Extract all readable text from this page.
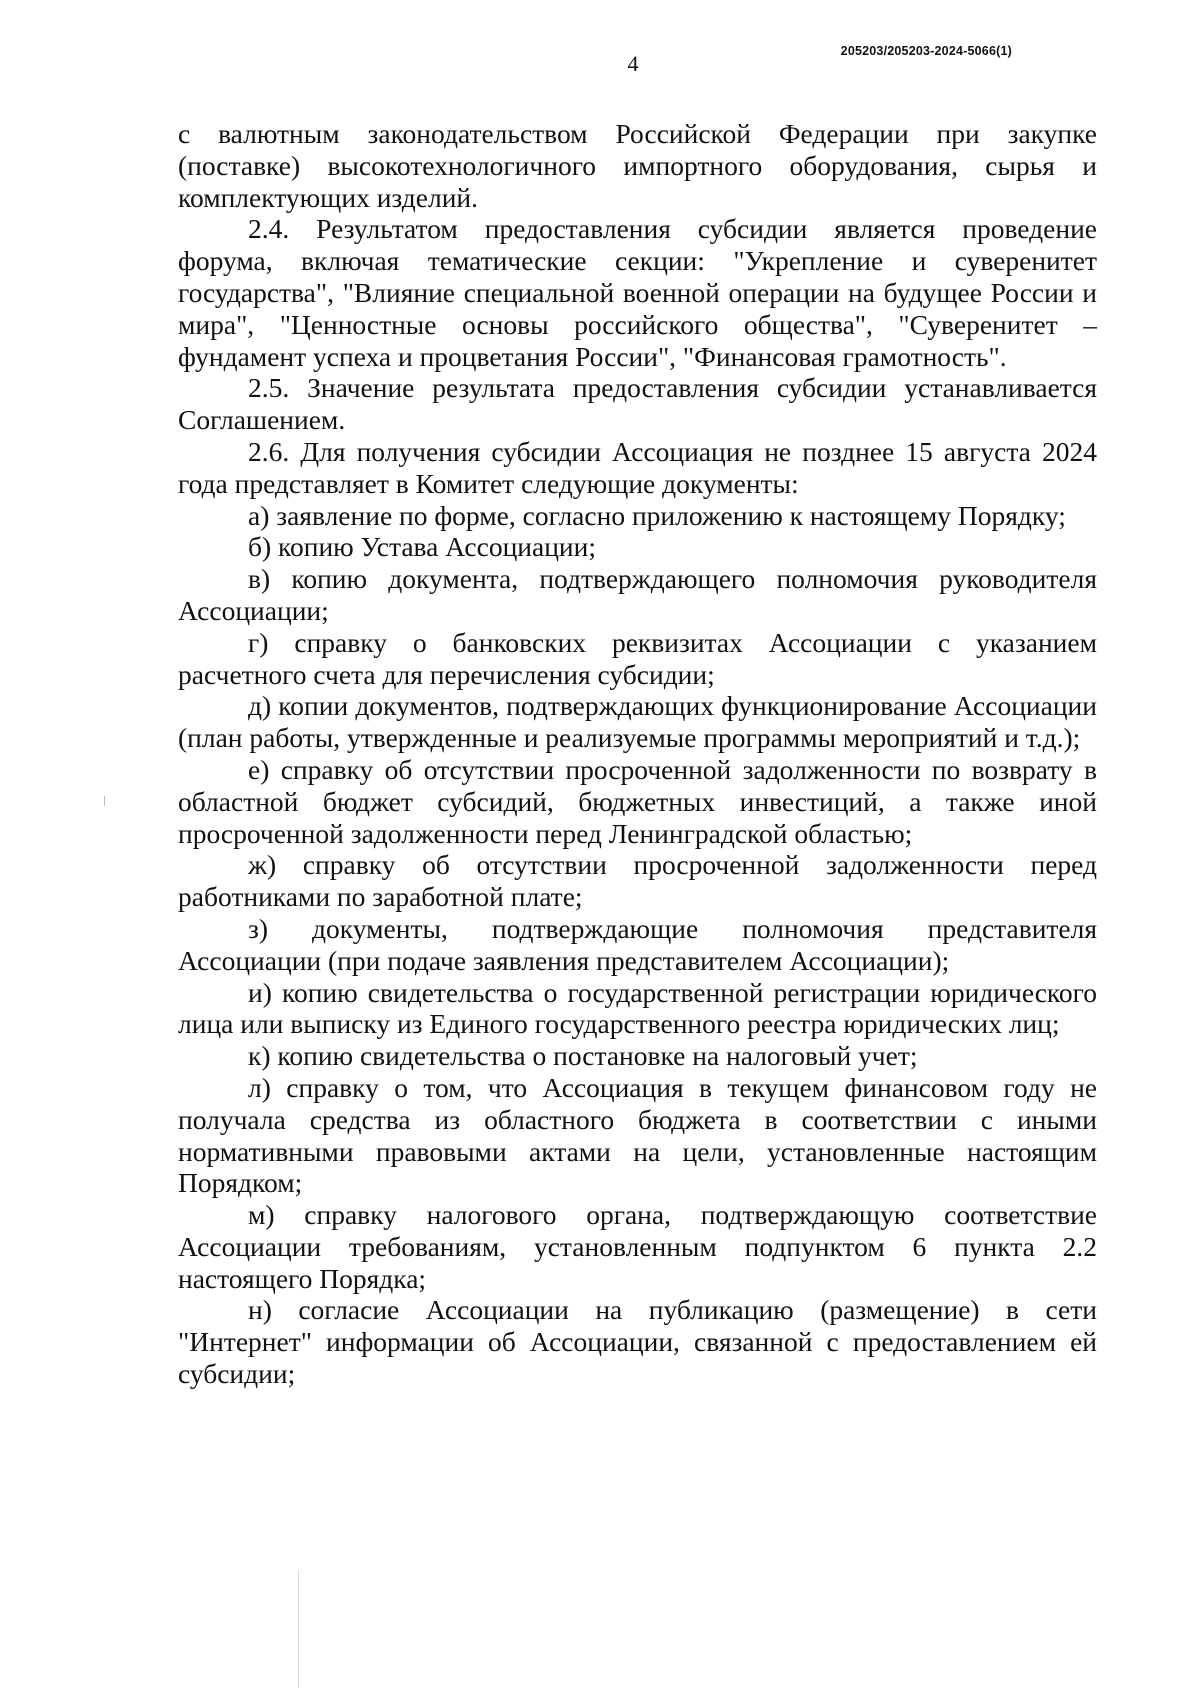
4	205203/205203-2024-5066(1)

с валютным законодательством Российской Федерации при закупке (поставке) высокотехнологичного импортного оборудования, сырья и комплектующих изделий.

2.4. Результатом предоставления субсидии является проведение форума, включая тематические секции: "Укрепление и суверенитет государства", "Влияние специальной военной операции на будущее России и мира", "Ценностные основы российского общества", "Суверенитет – фундамент успеха и процветания России", "Финансовая грамотность".

2.5. Значение результата предоставления субсидии устанавливается Соглашением.

2.6. Для получения субсидии Ассоциация не позднее 15 августа 2024 года представляет в Комитет следующие документы:

а) заявление по форме, согласно приложению к настоящему Порядку;

б) копию Устава Ассоциации;

в) копию документа, подтверждающего полномочия руководителя Ассоциации;

г) справку о банковских реквизитах Ассоциации с указанием расчетного счета для перечисления субсидии;

д) копии документов, подтверждающих функционирование Ассоциации (план работы, утвержденные и реализуемые программы мероприятий и т.д.);

е) справку об отсутствии просроченной задолженности по возврату в областной бюджет субсидий, бюджетных инвестиций, а также иной просроченной задолженности перед Ленинградской областью;

ж) справку об отсутствии просроченной задолженности перед работниками по заработной плате;

з) документы, подтверждающие полномочия представителя Ассоциации (при подаче заявления представителем Ассоциации);

и) копию свидетельства о государственной регистрации юридического лица или выписку из Единого государственного реестра юридических лиц;

к) копию свидетельства о постановке на налоговый учет;

л) справку о том, что Ассоциация в текущем финансовом году не получала средства из областного бюджета в соответствии с иными нормативными правовыми актами на цели, установленные настоящим Порядком;

м) справку налогового органа, подтверждающую соответствие Ассоциации требованиям, установленным подпунктом 6 пункта 2.2 настоящего Порядка;

н) согласие Ассоциации на публикацию (размещение) в сети "Интернет" информации об Ассоциации, связанной с предоставлением ей субсидии;
